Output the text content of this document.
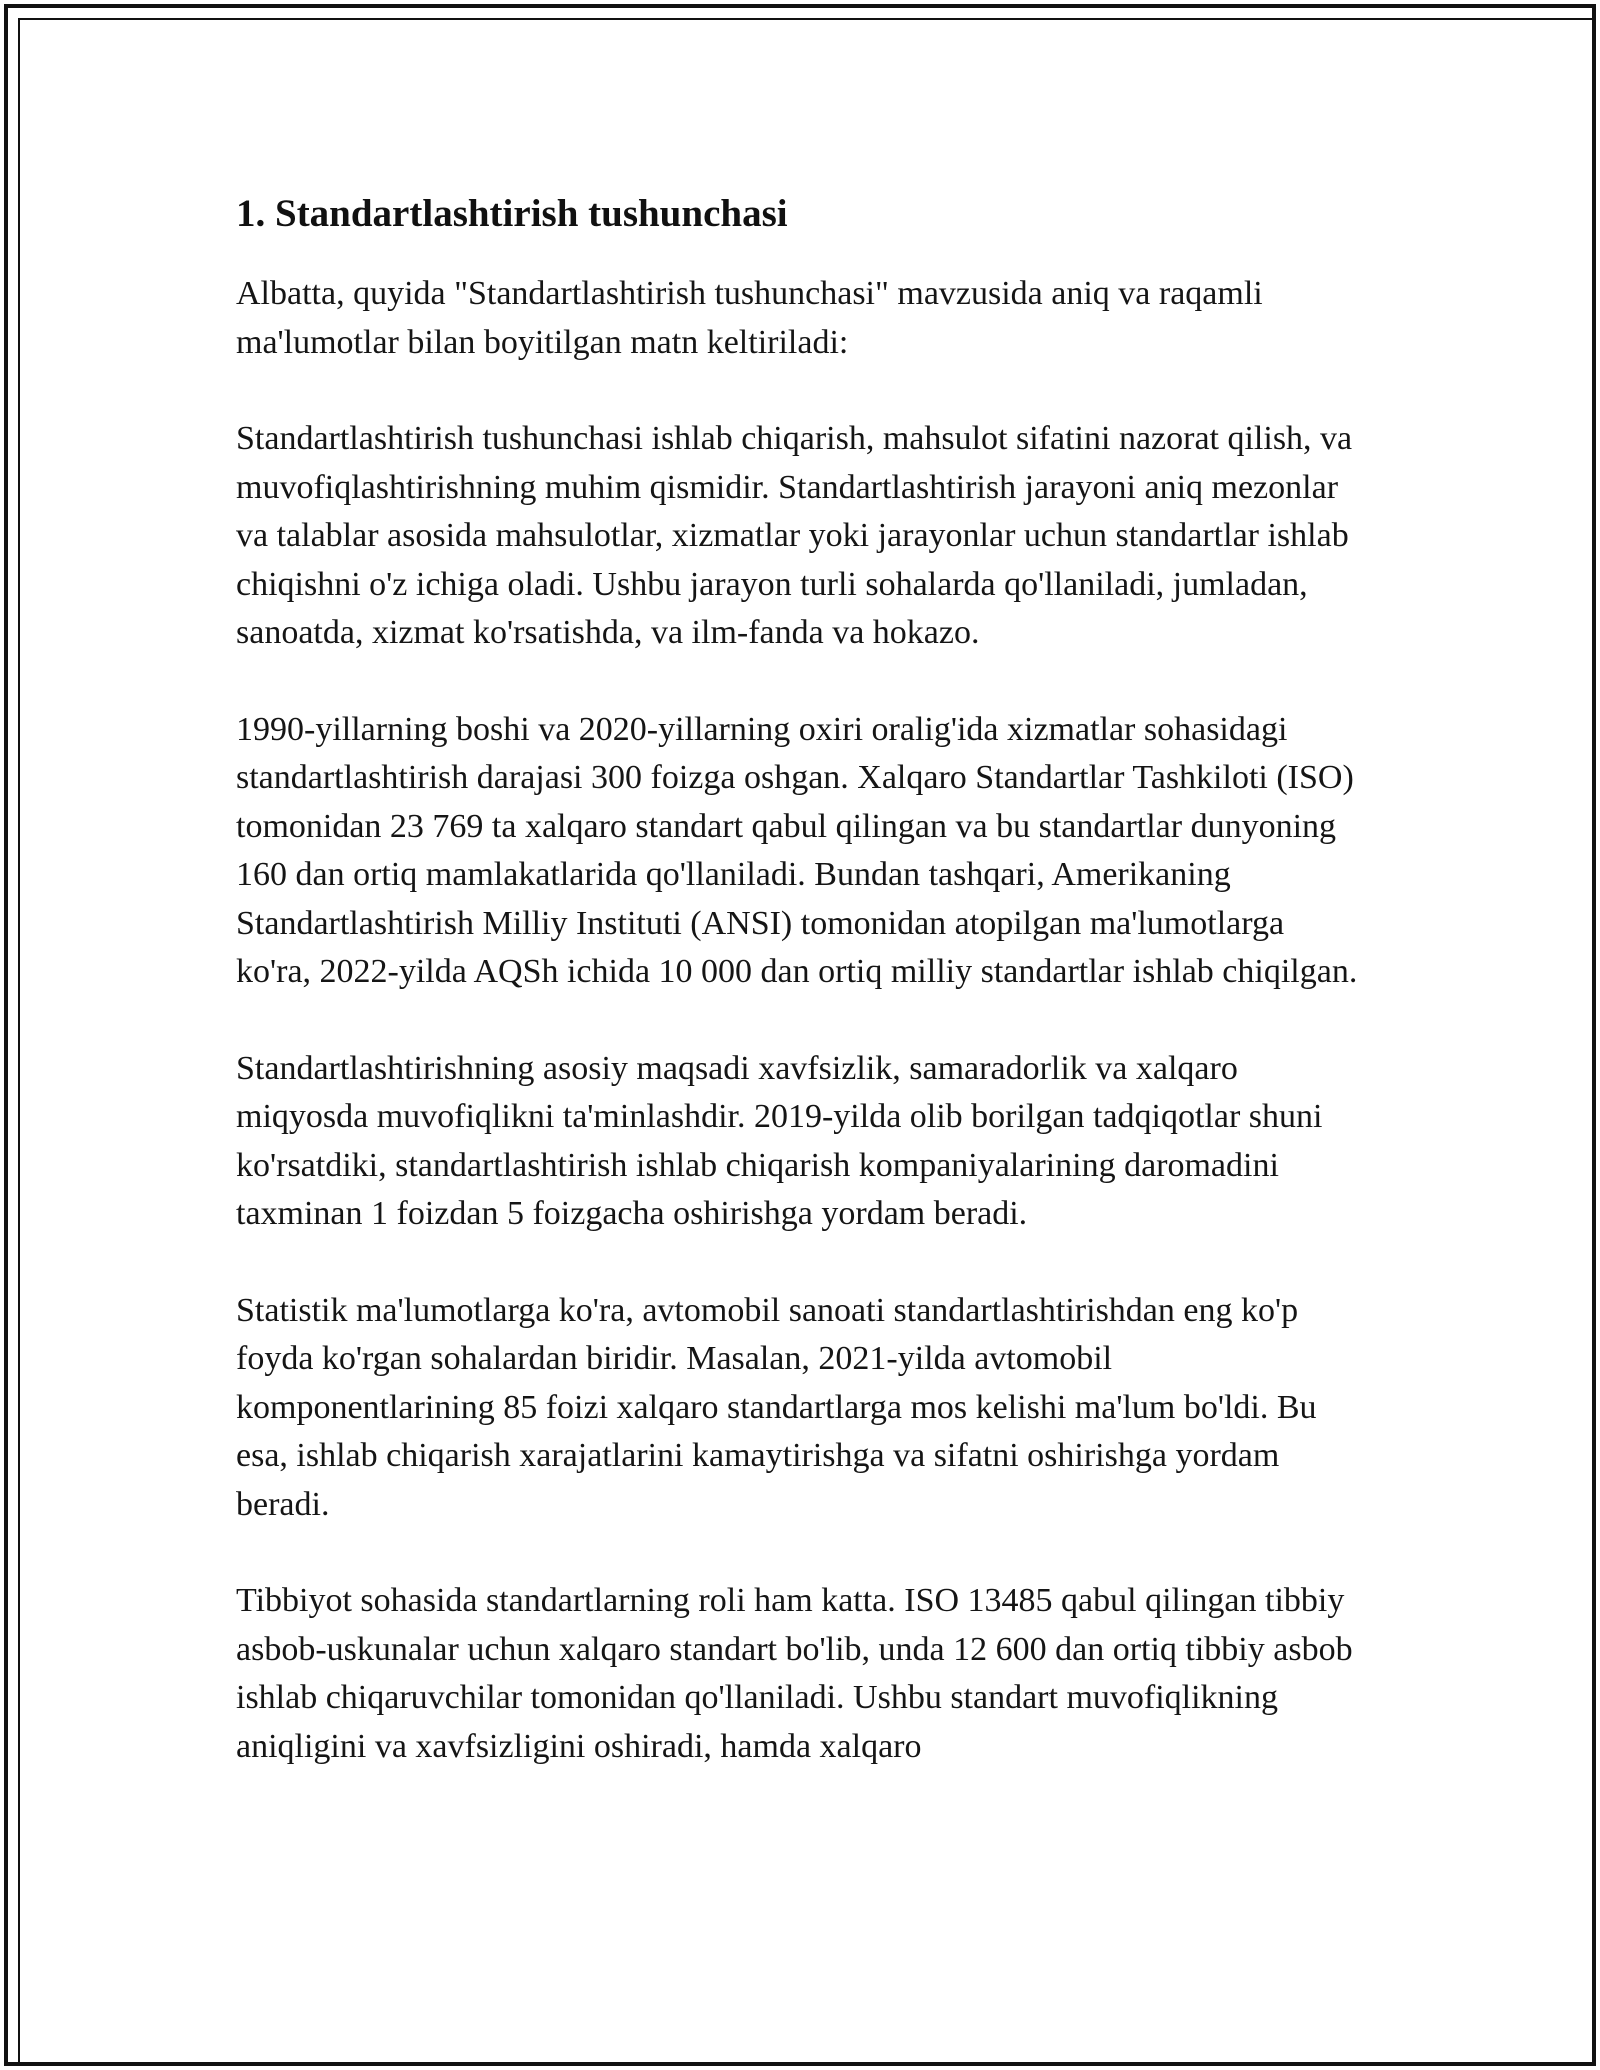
1. Standartlashtirish tushunchasi

Albatta, quyida "Standartlashtirish tushunchasi" mavzusida aniq va raqamli ma'lumotlar bilan boyitilgan matn keltiriladi:

Standartlashtirish tushunchasi ishlab chiqarish, mahsulot sifatini nazorat qilish, va muvofiqlashtirishning muhim qismidir. Standartlashtirish jarayoni aniq mezonlar va talablar asosida mahsulotlar, xizmatlar yoki jarayonlar uchun standartlar ishlab chiqishni o'z ichiga oladi. Ushbu jarayon turli sohalarda qo'llaniladi, jumladan, sanoatda, xizmat ko'rsatishda, va ilm-fanda va hokazo.

1990-yillarning boshi va 2020-yillarning oxiri oralig'ida xizmatlar sohasidagi standartlashtirish darajasi 300 foizga oshgan. Xalqaro Standartlar Tashkiloti (ISO) tomonidan 23 769 ta xalqaro standart qabul qilingan va bu standartlar dunyoning 160 dan ortiq mamlakatlarida qo'llaniladi. Bundan tashqari, Amerikaning Standartlashtirish Milliy Instituti (ANSI) tomonidan atopilgan ma'lumotlarga ko'ra, 2022-yilda AQSh ichida 10 000 dan ortiq milliy standartlar ishlab chiqilgan.

Standartlashtirishning asosiy maqsadi xavfsizlik, samaradorlik va xalqaro miqyosda muvofiqlikni ta'minlashdir. 2019-yilda olib borilgan tadqiqotlar shuni ko'rsatdiki, standartlashtirish ishlab chiqarish kompaniyalarining daromadini taxminan 1 foizdan 5 foizgacha oshirishga yordam beradi.

Statistik ma'lumotlarga ko'ra, avtomobil sanoati standartlashtirishdan eng ko'p foyda ko'rgan sohalardan biridir. Masalan, 2021-yilda avtomobil komponentlarining 85 foizi xalqaro standartlarga mos kelishi ma'lum bo'ldi. Bu esa, ishlab chiqarish xarajatlarini kamaytirishga va sifatni oshirishga yordam beradi.

Tibbiyot sohasida standartlarning roli ham katta. ISO 13485 qabul qilingan tibbiy asbob-uskunalar uchun xalqaro standart bo'lib, unda 12 600 dan ortiq tibbiy asbob ishlab chiqaruvchilar tomonidan qo'llaniladi. Ushbu standart muvofiqlikning aniqligini va xavfsizligini oshiradi, hamda xalqaro
